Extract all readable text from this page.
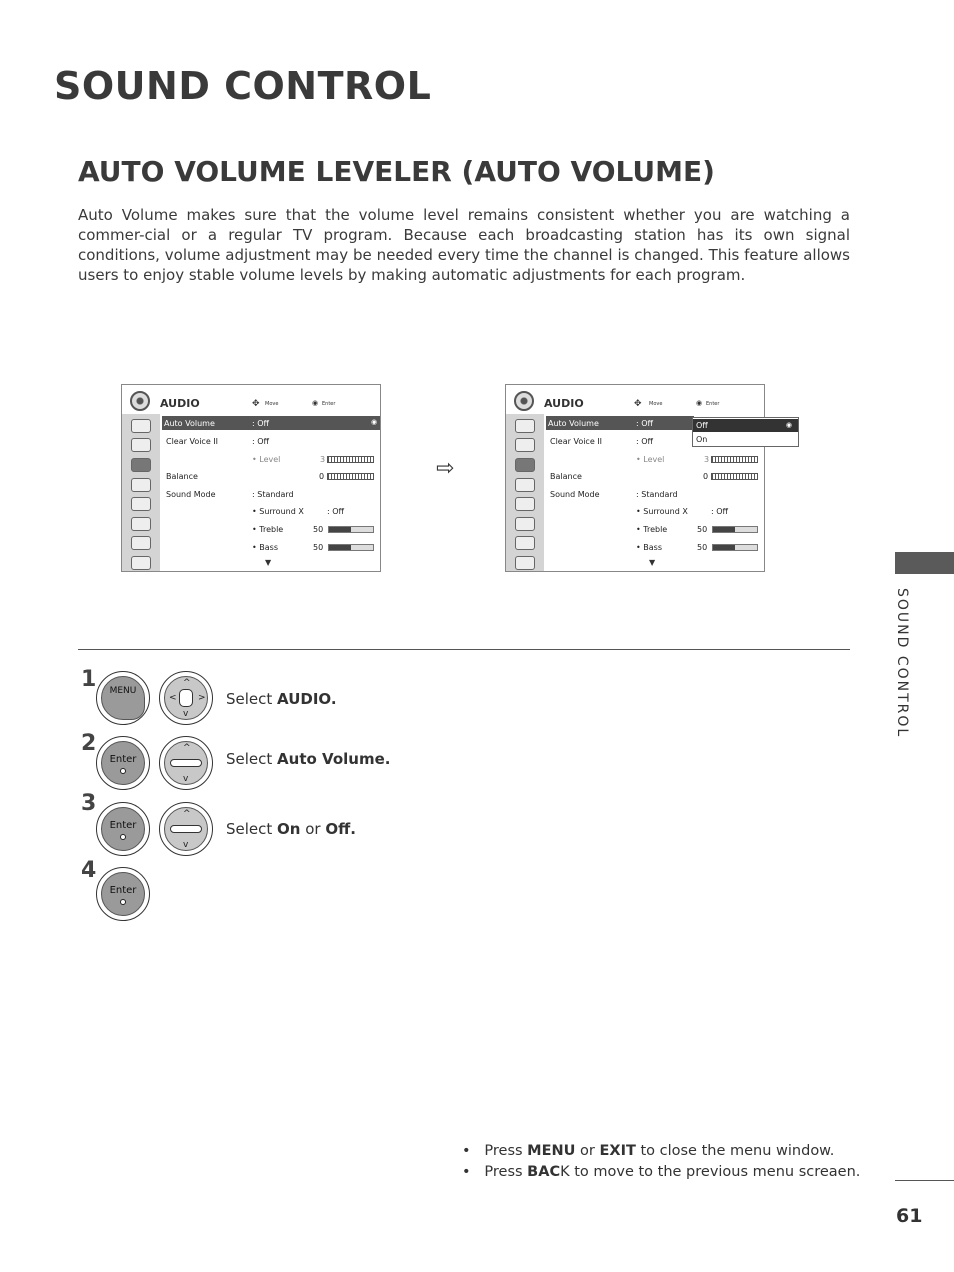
SOUND CONTROL
AUTO VOLUME LEVELER (AUTO VOLUME)

Auto Volume makes sure that the volume level remains consistent whether you are watching a commer-cial or a regular TV program. Because each broadcasting station has its own signal conditions, volume adjustment may be needed every time the channel is changed. This feature allows users to enjoy stable volume levels by making automatic adjustments for each program.

AUDIO	✥ Move	◉ Enter
Auto Volume	: Off	◉
Clear Voice II	: Off
• Level	3
Balance	0
Sound Mode	: Standard
• Surround X	: Off
• Treble	50
• Bass	50
▼
⇨
AUDIO	✥ Move	◉ Enter
Auto Volume	: Off
Clear Voice II	: Off
• Level	3
Balance	0
Sound Mode	: Standard
• Surround X	: Off
• Treble	50
• Bass	50
▼
Off	◉
On
SOUND CONTROL
1	MENU
^
v
< > Select AUDIO.
2
Enter
^
v
Select Auto Volume.
3
Enter
^
v
Select On or Off.
4
Enter
• Press MENU or EXIT to close the menu window.
• Press BACK to move to the previous menu screaen.
61
